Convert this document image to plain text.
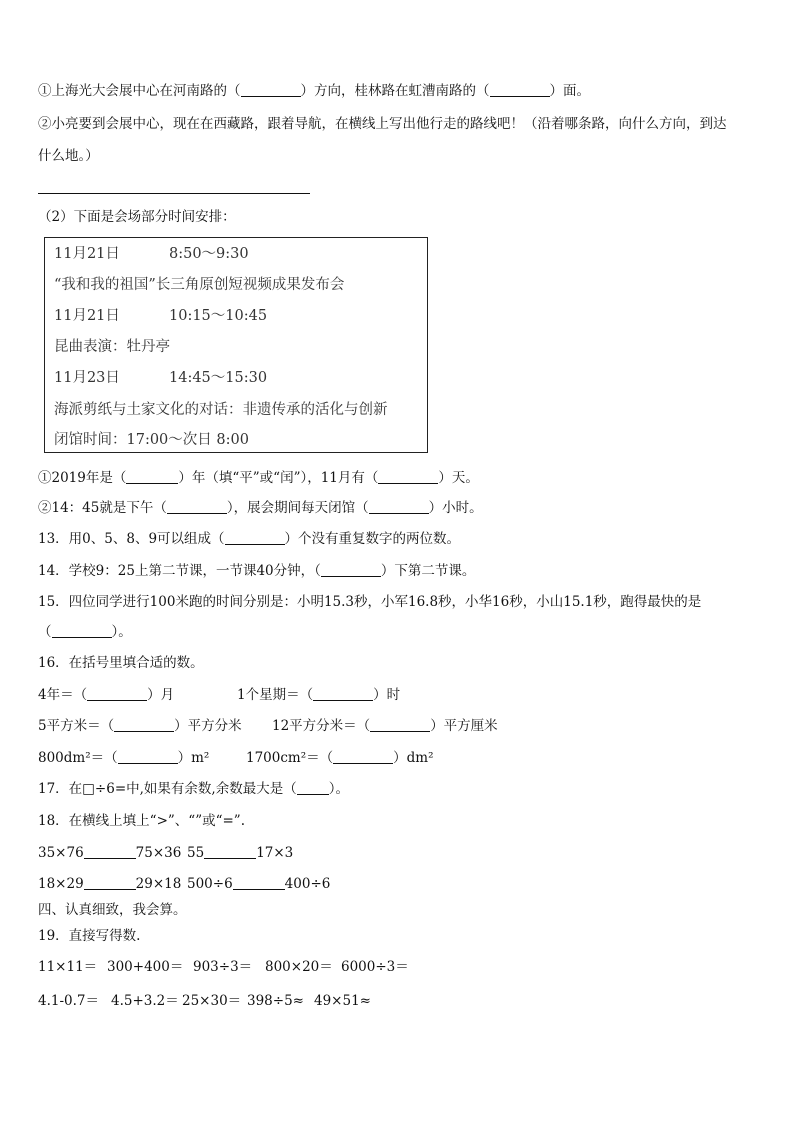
①上海光大会展中心在河南路的（	）方向，桂林路在虹漕南路的（	）面。
②小亮要到会展中心，现在在西藏路，跟着导航，在横线上写出他行走的路线吧！（沿着哪条路，向什么方向，到达
什么地。）
（2）下面是会场部分时间安排：
11月21日	8:50～9:30
“我和我的祖国”长三角原创短视频成果发布会
11月21日	10:15～10:45
昆曲表演：牡丹亭
11月23日	14:45～15:30
海派剪纸与土家文化的对话：非遗传承的活化与创新
闭馆时间：17:00～次日 8:00
①2019年是（	）年（填“平”或“闰”），11月有（	）天。
②14：45就是下午（	），展会期间每天闭馆（	）小时。
13．用0、5、8、9可以组成（	）个没有重复数字的两位数。
14．学校9：25上第二节课，一节课40分钟，（	）下第二节课。
15．四位同学进行100米跑的时间分别是：小明15.3秒，小军16.8秒，小华16秒，小山15.1秒，跑得最快的是
（	）。
16．在括号里填合适的数。
4年＝（	）月	1个星期＝（	）时
5平方米＝（	）平方分米 12平方分米＝（	）平方厘米
800dm²＝（	）m²	1700cm²＝（	）dm²
17．在□÷6=中,如果有余数,余数最大是（ ）。
18．在横线上填上“>”、“”或“=”.
35×76	75×36 55	17×3
18×29	29×18 500÷6	400÷6
四、认真细致，我会算。
19．直接写得数.
11×11＝ 300+400＝ 903÷3＝ 800×20＝ 6000÷3＝
4.1-0.7＝ 4.5+3.2＝ 25×30＝ 398÷5≈ 49×51≈
